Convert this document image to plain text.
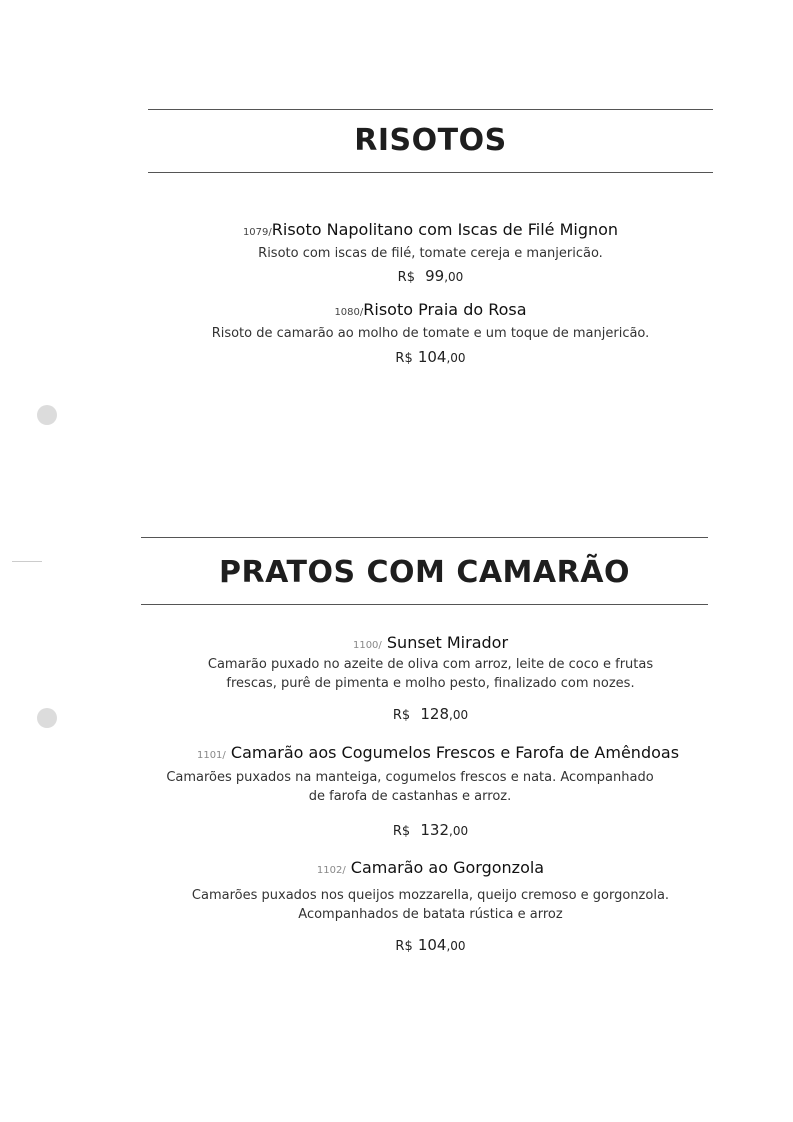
RISOTOS
1079/Risoto Napolitano com Iscas de Filé Mignon
Risoto com iscas de filé, tomate cereja e manjericão.
R$ 99,00
1080/Risoto Praia do Rosa
Risoto de camarão ao molho de tomate e um toque de manjericão.
R$ 104,00
PRATOS COM CAMARÃO
1100/ Sunset Mirador
Camarão puxado no azeite de oliva com arroz, leite de coco e frutas
frescas, purê de pimenta e molho pesto, finalizado com nozes.
R$ 128,00
1101/ Camarão aos Cogumelos Frescos e Farofa de Amêndoas
Camarões puxados na manteiga, cogumelos frescos e nata. Acompanhado
de farofa de castanhas e arroz.
R$ 132,00
1102/ Camarão ao Gorgonzola
Camarões puxados nos queijos mozzarella, queijo cremoso e gorgonzola.
Acompanhados de batata rústica e arroz
R$ 104,00
